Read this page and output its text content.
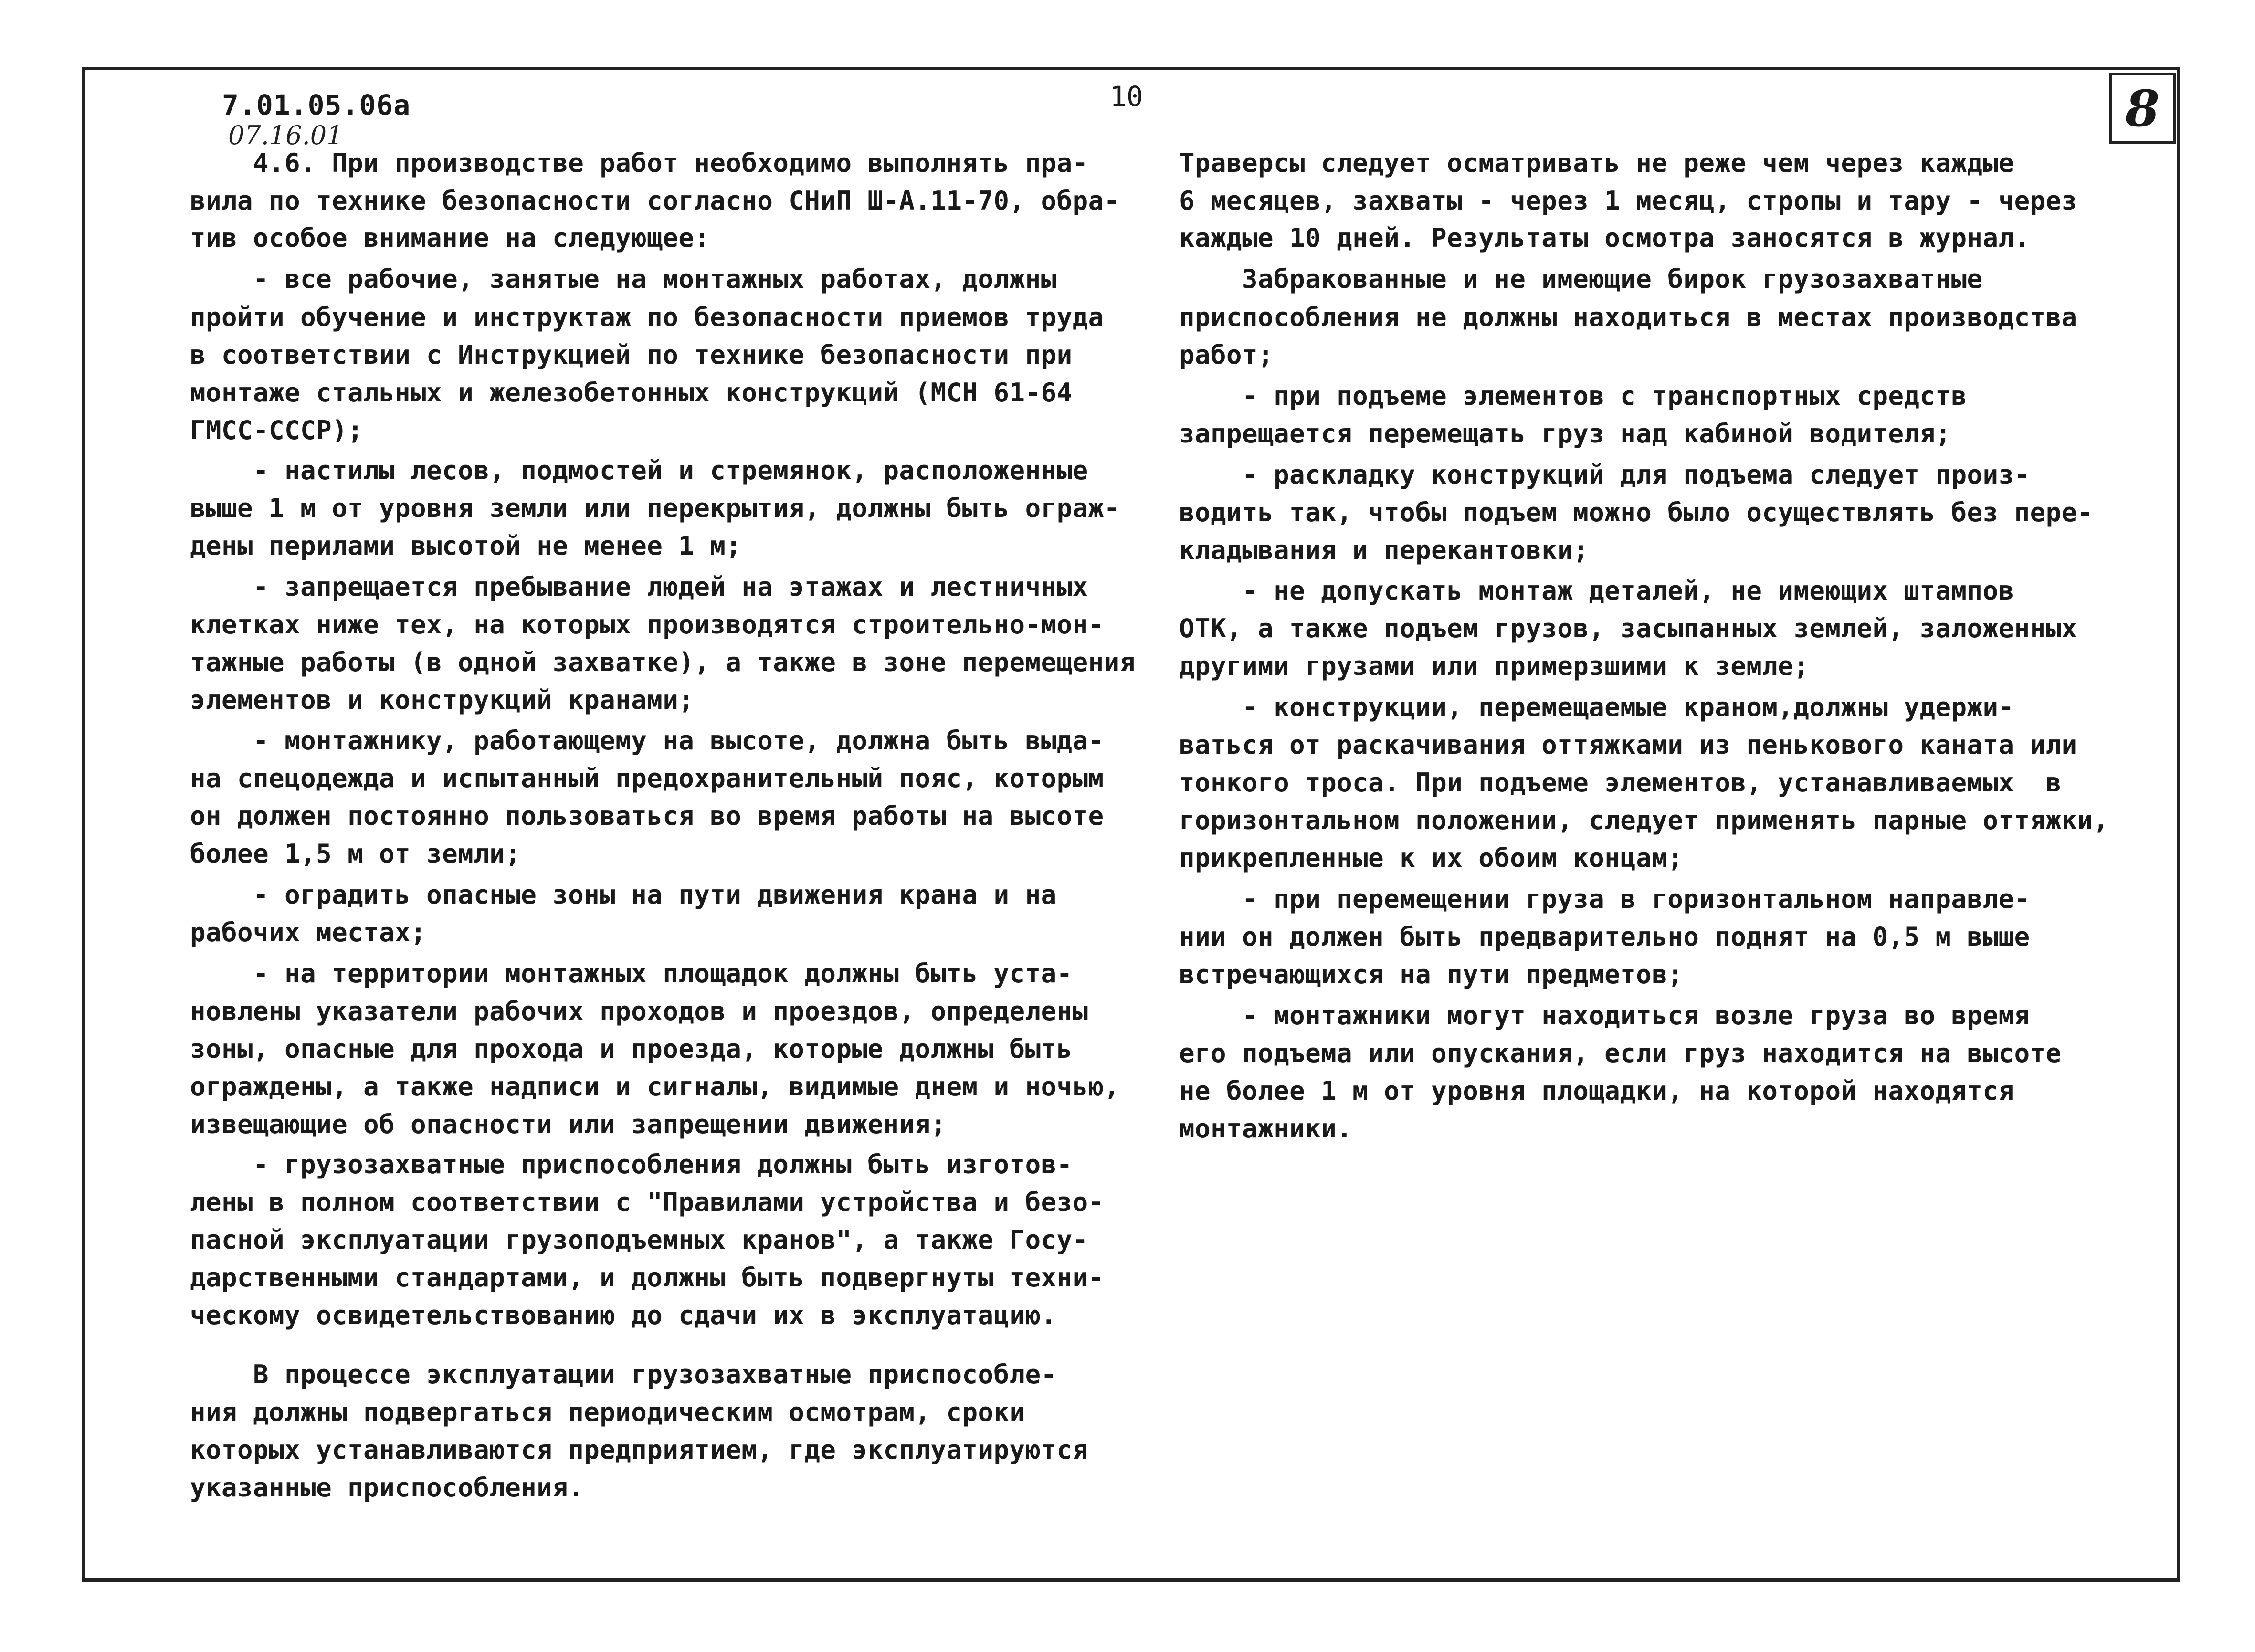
7.01.05.06а
07.16.01
10	8
4.6. При производстве работ необходимо выполнять пра-
вила по технике безопасности согласно СНиП Ш-А.11-70, обра-
тив особое внимание на следующее:
- все рабочие, занятые на монтажных работах, должны
пройти обучение и инструктаж по безопасности приемов труда
в соответствии с Инструкцией по технике безопасности при
монтаже стальных и железобетонных конструкций (МСН 61-64
ГМСС-СССР);
- настилы лесов, подмостей и стремянок, расположенные
выше 1 м от уровня земли или перекрытия, должны быть ограж-
дены перилами высотой не менее 1 м;
- запрещается пребывание людей на этажах и лестничных
клетках ниже тех, на которых производятся строительно-мон-
тажные работы (в одной захватке), а также в зоне перемещения
элементов и конструкций кранами;
- монтажнику, работающему на высоте, должна быть выда-
на спецодежда и испытанный предохранительный пояс, которым
он должен постоянно пользоваться во время работы на высоте
более 1,5 м от земли;
- оградить опасные зоны на пути движения крана и на
рабочих местах;
- на территории монтажных площадок должны быть уста-
новлены указатели рабочих проходов и проездов, определены
зоны, опасные для прохода и проезда, которые должны быть
ограждены, а также надписи и сигналы, видимые днем и ночью,
извещающие об опасности или запрещении движения;
- грузозахватные приспособления должны быть изготов-
лены в полном соответствии с "Правилами устройства и безо-
пасной эксплуатации грузоподъемных кранов", а также Госу-
дарственными стандартами, и должны быть подвергнуты техни-
ческому освидетельствованию до сдачи их в эксплуатацию.
В процессе эксплуатации грузозахватные приспособле-
ния должны подвергаться периодическим осмотрам, сроки
которых устанавливаются предприятием, где эксплуатируются
указанные приспособления.
Траверсы следует осматривать не реже чем через каждые
6 месяцев, захваты - через 1 месяц, стропы и тару - через
каждые 10 дней. Результаты осмотра заносятся в журнал.
Забракованные и не имеющие бирок грузозахватные
приспособления не должны находиться в местах производства
работ;
- при подъеме элементов с транспортных средств
запрещается перемещать груз над кабиной водителя;
- раскладку конструкций для подъема следует произ-
водить так, чтобы подъем можно было осуществлять без пере-
кладывания и перекантовки;
- не допускать монтаж деталей, не имеющих штампов
ОТК, а также подъем грузов, засыпанных землей, заложенных
другими грузами или примерзшими к земле;
- конструкции, перемещаемые краном,должны удержи-
ваться от раскачивания оттяжками из пенькового каната или
тонкого троса. При подъеме элементов, устанавливаемых  в
горизонтальном положении, следует применять парные оттяжки,
прикрепленные к их обоим концам;
- при перемещении груза в горизонтальном направле-
нии он должен быть предварительно поднят на 0,5 м выше
встречающихся на пути предметов;
- монтажники могут находиться возле груза во время
его подъема или опускания, если груз находится на высоте
не более 1 м от уровня площадки, на которой находятся
монтажники.
